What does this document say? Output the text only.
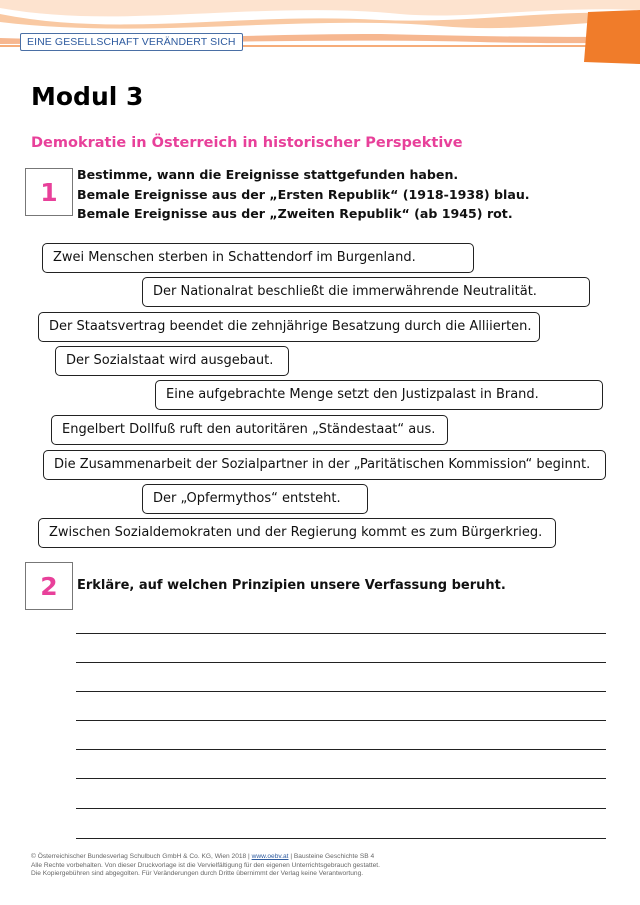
EINE GESELLSCHAFT VERÄNDERT SICH
Modul 3
Demokratie in Österreich in historischer Perspektive
1
Bestimme, wann die Ereignisse stattgefunden haben.
Bemale Ereignisse aus der „Ersten Republik“ (1918-1938) blau.
Bemale Ereignisse aus der „Zweiten Republik“ (ab 1945) rot.
Zwei Menschen sterben in Schattendorf im Burgenland.
Der Nationalrat beschließt die immerwährende Neutralität.
Der Staatsvertrag beendet die zehnjährige Besatzung durch die Alliierten.
Der Sozialstaat wird ausgebaut.
Eine aufgebrachte Menge setzt den Justizpalast in Brand.
Engelbert Dollfuß ruft den autoritären „Ständestaat“ aus.
Die Zusammenarbeit der Sozialpartner in der „Paritätischen Kommission“ beginnt.
Der „Opfermythos“ entsteht.
Zwischen Sozialdemokraten und der Regierung kommt es zum Bürgerkrieg.
2	Erkläre, auf welchen Prinzipien unsere Verfassung beruht.
© Österreichischer Bundesverlag Schulbuch GmbH & Co. KG, Wien 2018 | www.oebv.at | Bausteine Geschichte SB 4
Alle Rechte vorbehalten. Von dieser Druckvorlage ist die Vervielfältigung für den eigenen Unterrichtsgebrauch gestattet.
Die Kopiergebühren sind abgegolten. Für Veränderungen durch Dritte übernimmt der Verlag keine Verantwortung.
